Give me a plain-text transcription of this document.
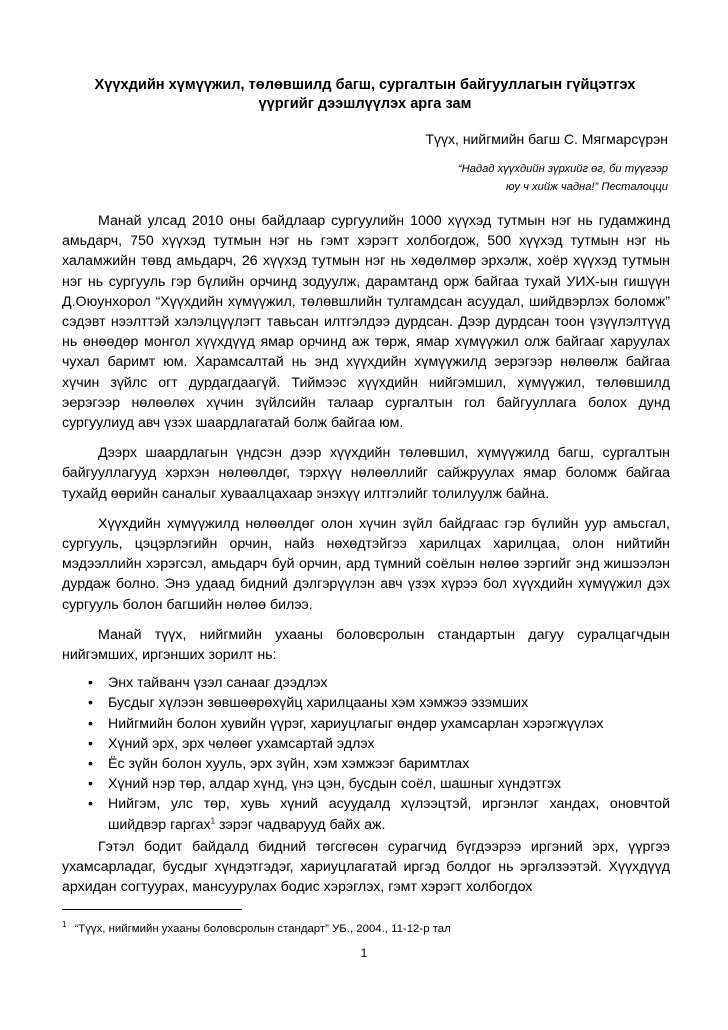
Хүүхдийн хүмүүжил, төлөвшилд багш, сургалтын байгууллагын гүйцэтгэх
үүргийг дээшлүүлэх арга зам
Түүх, нийгмийн багш С. Мягмарсүрэн
“Надад хүүхдийн зүрхийг өг, би түүгээр
юу ч хийж чадна!” Песталоцци

Манай улсад 2010 оны байдлаар сургуулийн 1000 хүүхэд тутмын нэг нь гудамжинд амьдарч, 750 хүүхэд тутмын нэг нь гэмт хэрэгт холбогдож, 500 хүүхэд тутмын нэг нь халамжийн төвд амьдарч, 26 хүүхэд тутмын нэг нь хөдөлмөр эрхэлж, хоёр хүүхэд тутмын нэг нь сургууль гэр бүлийн орчинд зодуулж, дарамтанд орж байгаа тухай УИХ-ын гишүүн Д.Оюунхорол “Хүүхдийн хүмүүжил, төлөвшлийн тулгамдсан асуудал, шийдвэрлэх боломж” сэдэвт нээлттэй хэлэлцүүлэгт тавьсан илтгэлдээ дурдсан. Дээр дурдсан тоон үзүүлэлтүүд нь өнөөдөр монгол хүүхдүүд ямар орчинд аж төрж, ямар хүмүүжил олж байгааг харуулах чухал баримт юм. Харамсалтай нь энд хүүхдийн хүмүүжилд эерэгээр нөлөөлж байгаа хүчин зүйлс огт дурдагдаагүй. Тиймээс хүүхдийн нийгэмшил, хүмүүжил, төлөвшилд эерэгээр нөлөөлөх хүчин зүйлсийн талаар сургалтын гол байгууллага болох дунд сургуулиуд авч үзэх шаардлагатай болж байгаа юм.

Дээрх шаардлагын үндсэн дээр хүүхдийн төлөвшил, хүмүүжилд багш, сургалтын байгууллагууд хэрхэн нөлөөлдөг, тэрхүү нөлөөллийг сайжруулах ямар боломж байгаа тухайд өөрийн саналыг хуваалцахаар энэхүү илтгэлийг толилуулж байна.

Хүүхдийн хүмүүжилд нөлөөлдөг олон хүчин зүйл байдгаас гэр бүлийн уур амьсгал, сургууль, цэцэрлэгийн орчин, найз нөхөдтэйгээ харилцах харилцаа, олон нийтийн мэдээллийн хэрэгсэл, амьдарч буй орчин, ард түмний соёлын нөлөө зэргийг энд жишээлэн дурдаж болно. Энэ удаад бидний дэлгэрүүлэн авч үзэх хүрээ бол хүүхдийн хүмүүжил дэх сургууль болон багшийн нөлөө билээ.

Манай түүх, нийгмийн ухааны боловсролын стандартын дагуу суралцагчдын нийгэмших, иргэнших зорилт нь:

• Энх тайванч үзэл санааг дээдлэх
• Бусдыг хүлээн зөвшөөрөхүйц харилцааны хэм хэмжээ эзэмших
• Нийгмийн болон хувийн үүрэг, хариуцлагыг өндөр ухамсарлан хэрэгжүүлэх
• Хүний эрх, эрх чөлөөг ухамсартай эдлэх
• Ёс зүйн болон хууль, эрх зүйн, хэм хэмжээг баримтлах
• Хүний нэр төр, алдар хүнд, үнэ цэн, бусдын соёл, шашныг хүндэтгэх
• Нийгэм, улс төр, хувь хүний асуудалд хүлээцтэй, иргэнлэг хандах, оновчтой шийдвэр гаргах$^1$ зэрэг чадварууд байх аж.

Гэтэл бодит байдалд бидний төгсгөсөн сурагчид бүгдээрээ иргэний эрх, үүргээ ухамсарладаг, бусдыг хүндэтгэдэг, хариуцлагатай иргэд болдог нь эргэлзээтэй. Хүүхдүүд архидан согтуурах, мансуурулах бодис хэрэглэх, гэмт хэрэгт холбогдох

$^1$ “Түүх, нийгмийн ухааны боловсролын стандарт” УБ., 2004., 11-12-р тал
1
